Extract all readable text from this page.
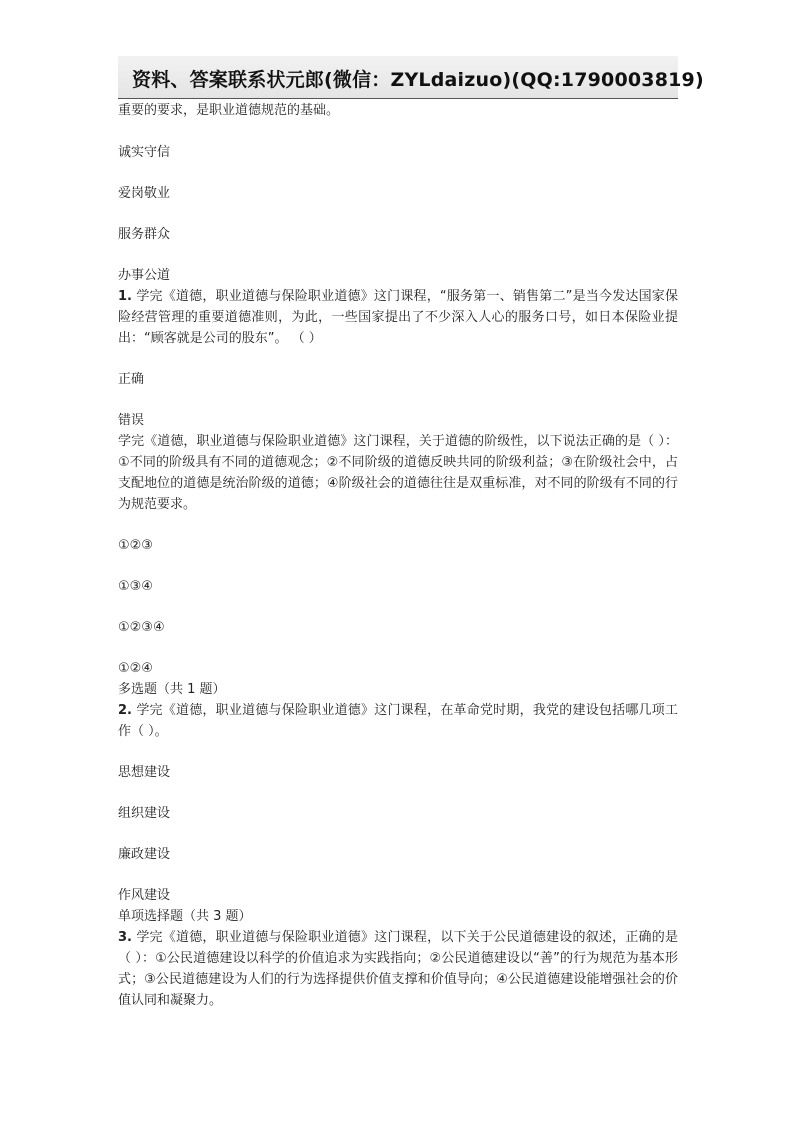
资料、答案联系状元郎(微信：ZYLdaizuo)(QQ:1790003819)
重要的要求，是职业道德规范的基础。
诚实守信
爱岗敬业
服务群众
办事公道
1. 学完《道德，职业道德与保险职业道德》这门课程，“服务第一、销售第二”是当今发达国家保险经营管理的重要道德准则，为此，一些国家提出了不少深入人心的服务口号，如日本保险业提出：“顾客就是公司的股东”。 （ ）
正确
错误
学完《道德，职业道德与保险职业道德》这门课程，关于道德的阶级性，以下说法正确的是（ ）：①不同的阶级具有不同的道德观念；②不同阶级的道德反映共同的阶级利益；③在阶级社会中，占支配地位的道德是统治阶级的道德；④阶级社会的道德往往是双重标准，对不同的阶级有不同的行为规范要求。
①②③
①③④
①②③④
①②④
多选题（共 1 题）
2. 学完《道德，职业道德与保险职业道德》这门课程，在革命党时期，我党的建设包括哪几项工作（ ）。
思想建设
组织建设
廉政建设
作风建设
单项选择题（共 3 题）
3. 学完《道德，职业道德与保险职业道德》这门课程，以下关于公民道德建设的叙述，正确的是（ ）：①公民道德建设以科学的价值追求为实践指向；②公民道德建设以“善”的行为规范为基本形式；③公民道德建设为人们的行为选择提供价值支撑和价值导向；④公民道德建设能增强社会的价值认同和凝聚力。
